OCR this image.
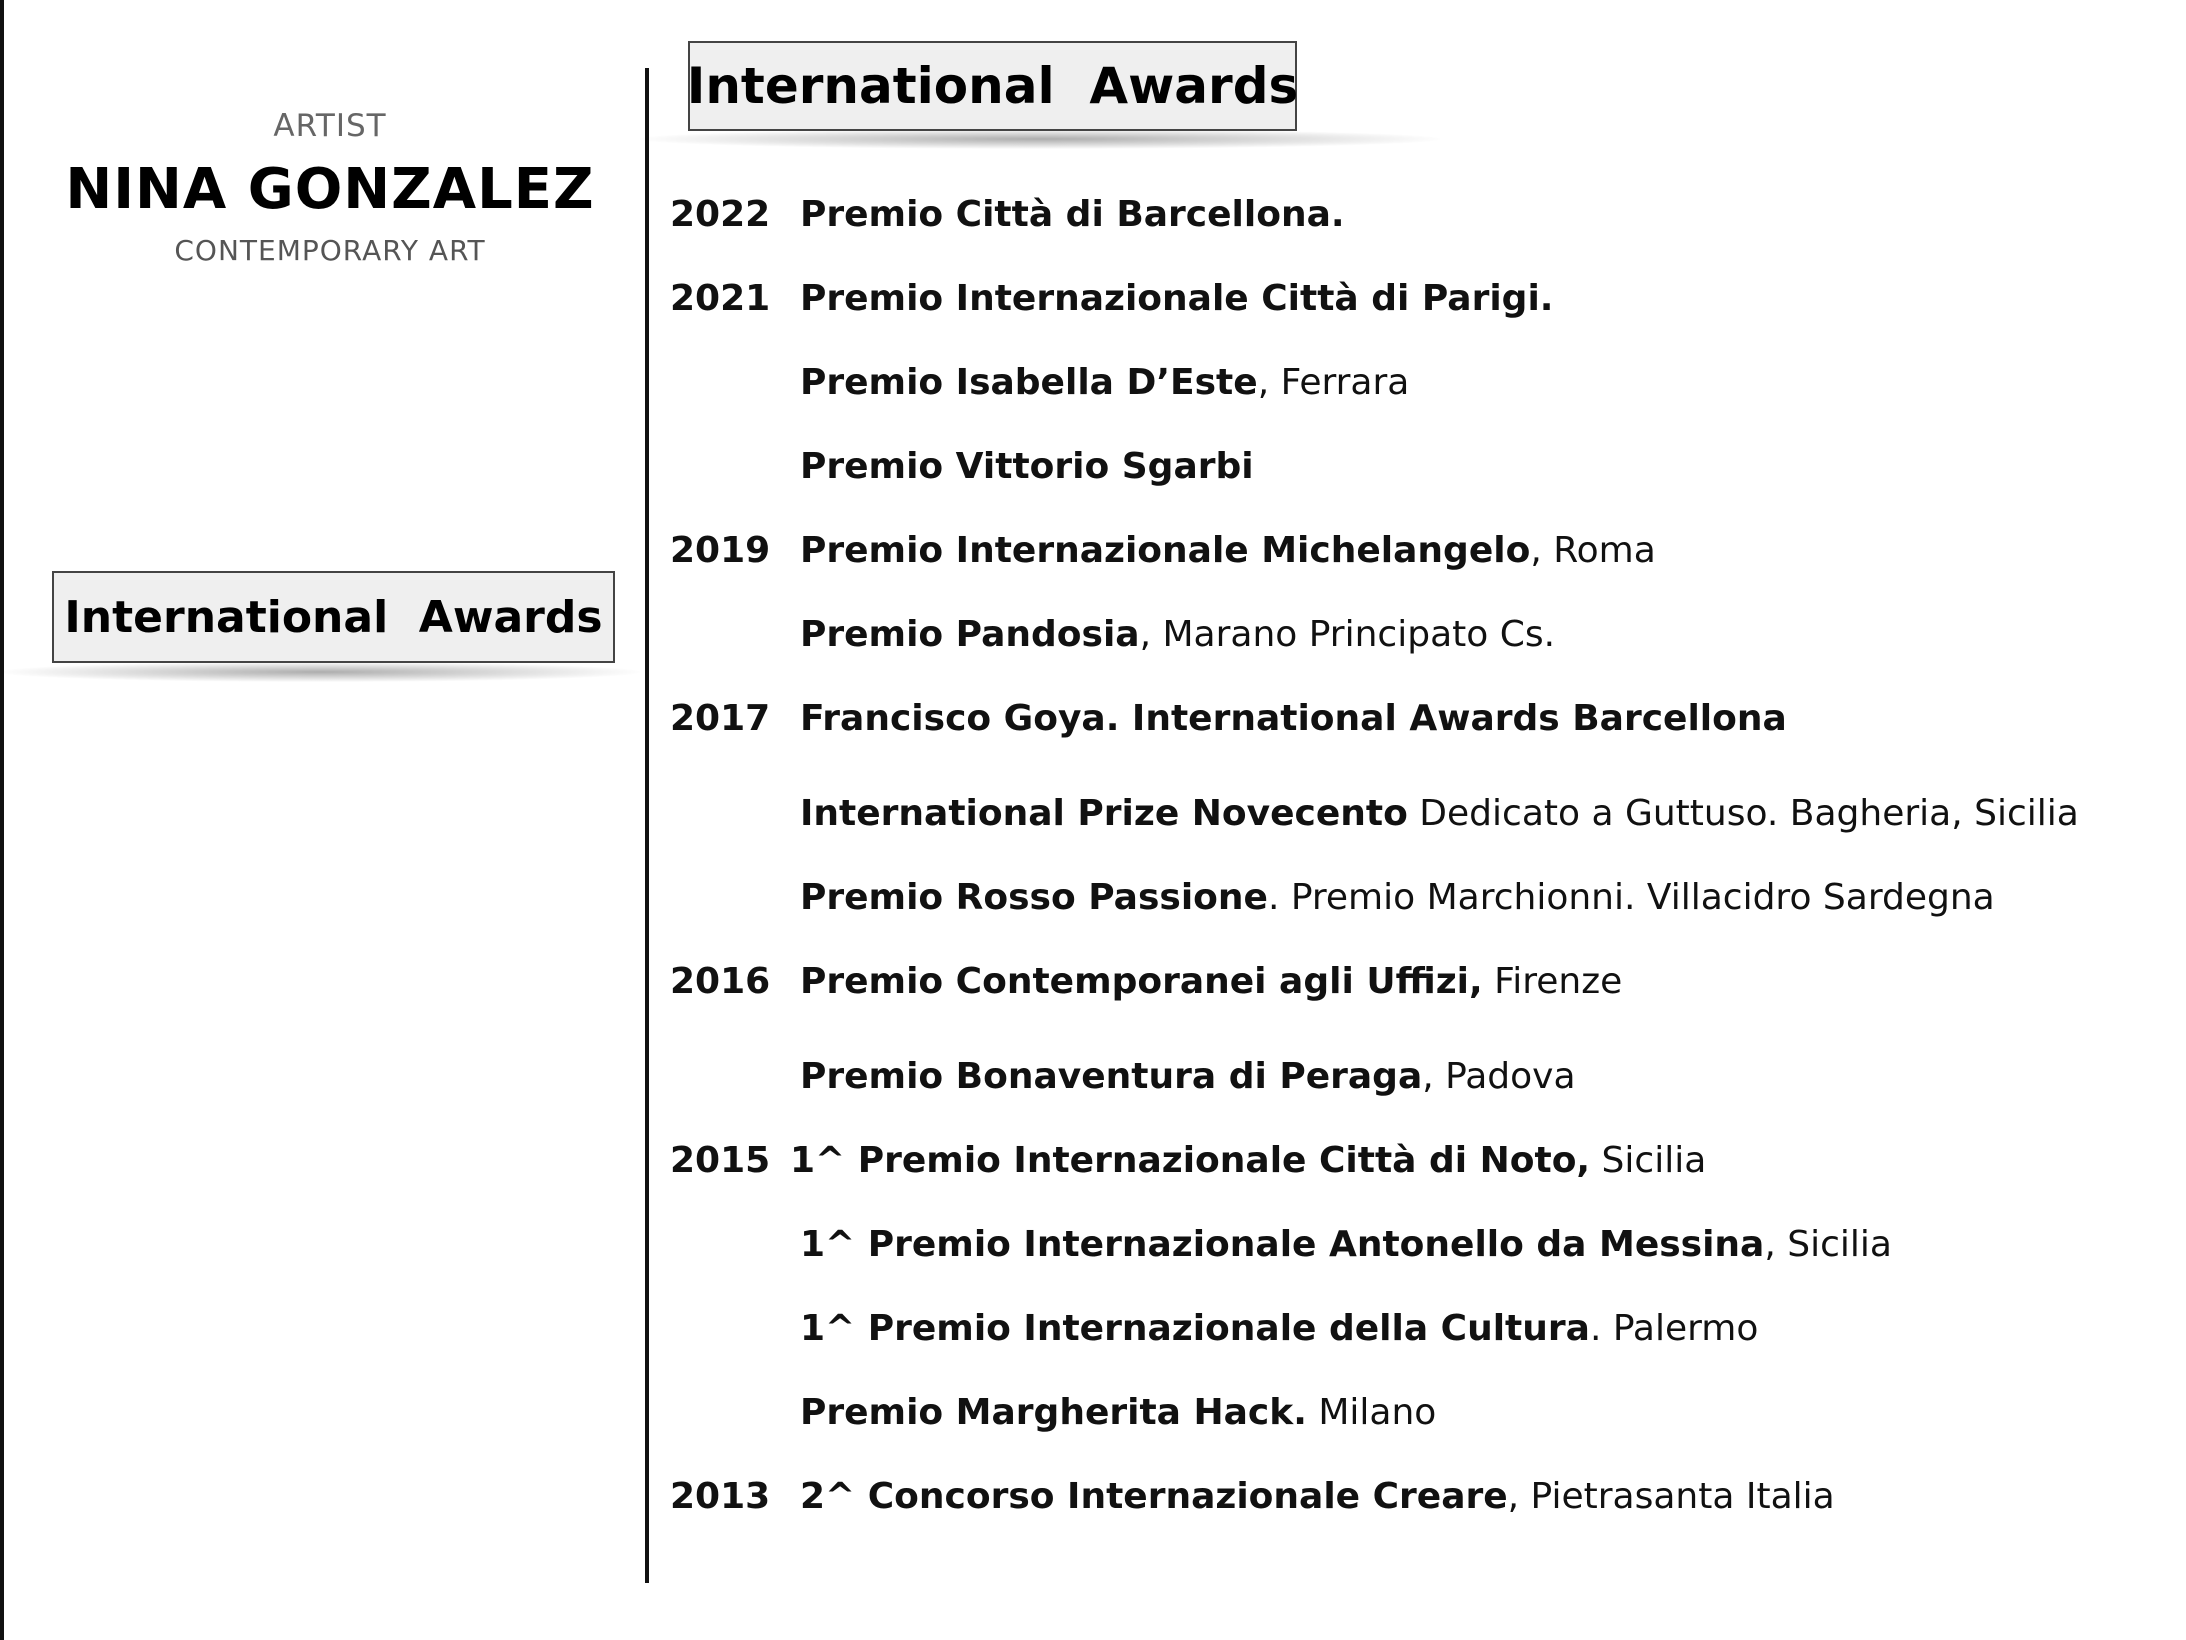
ARTIST
NINA GONZALEZ
CONTEMPORARY ART
International  Awards
International  Awards
2022 Premio Città di Barcellona.
2021 Premio Internazionale Città di Parigi.
Premio Isabella D’Este, Ferrara
Premio Vittorio Sgarbi
2019 Premio Internazionale Michelangelo, Roma
Premio Pandosia, Marano Principato Cs.
2017 Francisco Goya. International Awards Barcellona
International Prize Novecento Dedicato a Guttuso. Bagheria, Sicilia
Premio Rosso Passione. Premio Marchionni. Villacidro Sardegna
2016 Premio Contemporanei agli Uffizi, Firenze
Premio Bonaventura di Peraga, Padova
2015 1^ Premio Internazionale Città di Noto, Sicilia
1^ Premio Internazionale Antonello da Messina, Sicilia
1^ Premio Internazionale della Cultura. Palermo
Premio Margherita Hack. Milano
2013 2^ Concorso Internazionale Creare, Pietrasanta Italia
